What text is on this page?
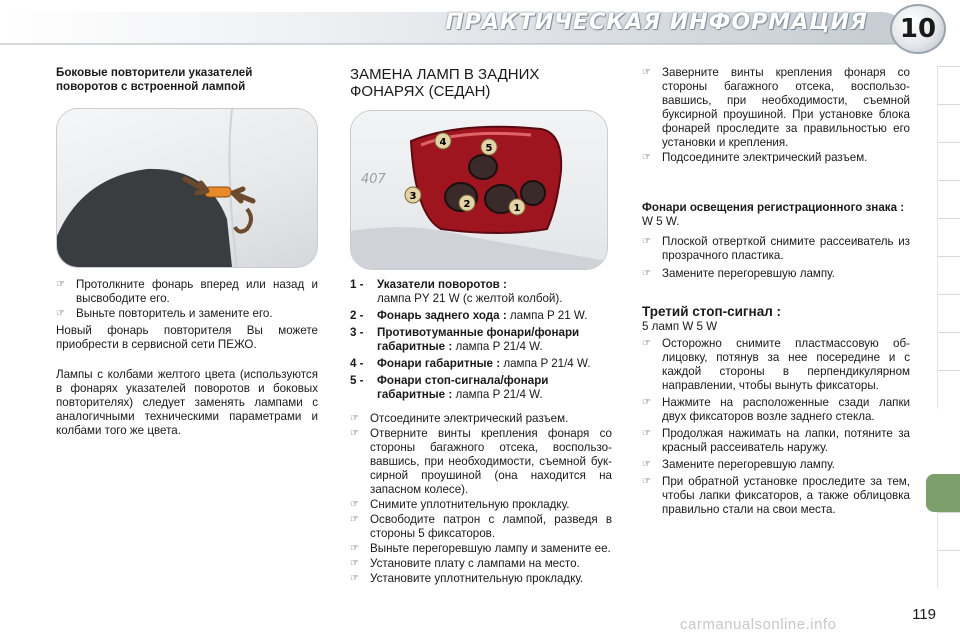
ПРАКТИЧЕСКАЯ ИНФОРМАЦИЯ	10
Боковые повторители указателей поворотов с встроенной лампой
☞ Протолкните фонарь вперед или назад и высвободите его.
☞ Выньте повторитель и замените его.

Новый фонарь повторителя Вы можете приобрести в сервисной сети ПЕЖО.

Лампы с колбами желтого цвета (используются в фонарях указателей поворотов и боковых повторителях) следует заменять лампами с аналогичными техническими параметрами и колбами того же цвета.

ЗАМЕНА ЛАМП В ЗАДНИХ ФОНАРЯХ (СЕДАН)
407
4
5
3
2	1
1 - Указатели поворотов :
лампа PY 21 W (с желтой колбой).
2 - Фонарь заднего хода : лампа P 21 W.
3 - Противотуманные фонари/фонари габаритные : лампа P 21/4 W.
4 - Фонари габаритные : лампа P 21/4 W.
5 - Фонари стоп-сигнала/фонари габаритные : лампа P 21/4 W.
☞ Отсоедините электрический разъем.
☞ Отверните винты крепления фонаря со стороны багажного отсека, воспользовавшись, при необходимости, съемной буксирной проушиной (она находится на запасном колесе).
☞ Снимите уплотнительную прокладку.
☞ Освободите патрон с лампой, разведя в стороны 5 фиксаторов.
☞ Выньте перегоревшую лампу и замените ее.
☞ Установите плату с лампами на место.
☞ Установите уплотнительную прокладку.
☞ Заверните винты крепления фонаря со стороны багажного отсека, воспользовавшись, при необходимости, съемной буксирной проушиной. При установке блока фонарей проследите за правильностью его установки и крепления.
☞ Подсоедините электрический разъем.
Фонари освещения регистрационного знака : W 5 W.
☞ Плоской отверткой снимите рассеиватель из прозрачного пластика.
☞ Замените перегоревшую лампу.
Третий стоп-сигнал :
5 ламп W 5 W
☞ Осторожно снимите пластмассовую облицовку, потянув за нее посередине и с каждой стороны в перпендикулярном направлении, чтобы вынуть фиксаторы.
☞ Нажмите на расположенные сзади лапки двух фиксаторов возле заднего стекла.
☞ Продолжая нажимать на лапки, потяните за красный рассеиватель наружу.
☞ Замените перегоревшую лампу.
☞ При обратной установке проследите за тем, чтобы лапки фиксаторов, а также облицовка правильно стали на свои места.
119
carmanualsonline.info
